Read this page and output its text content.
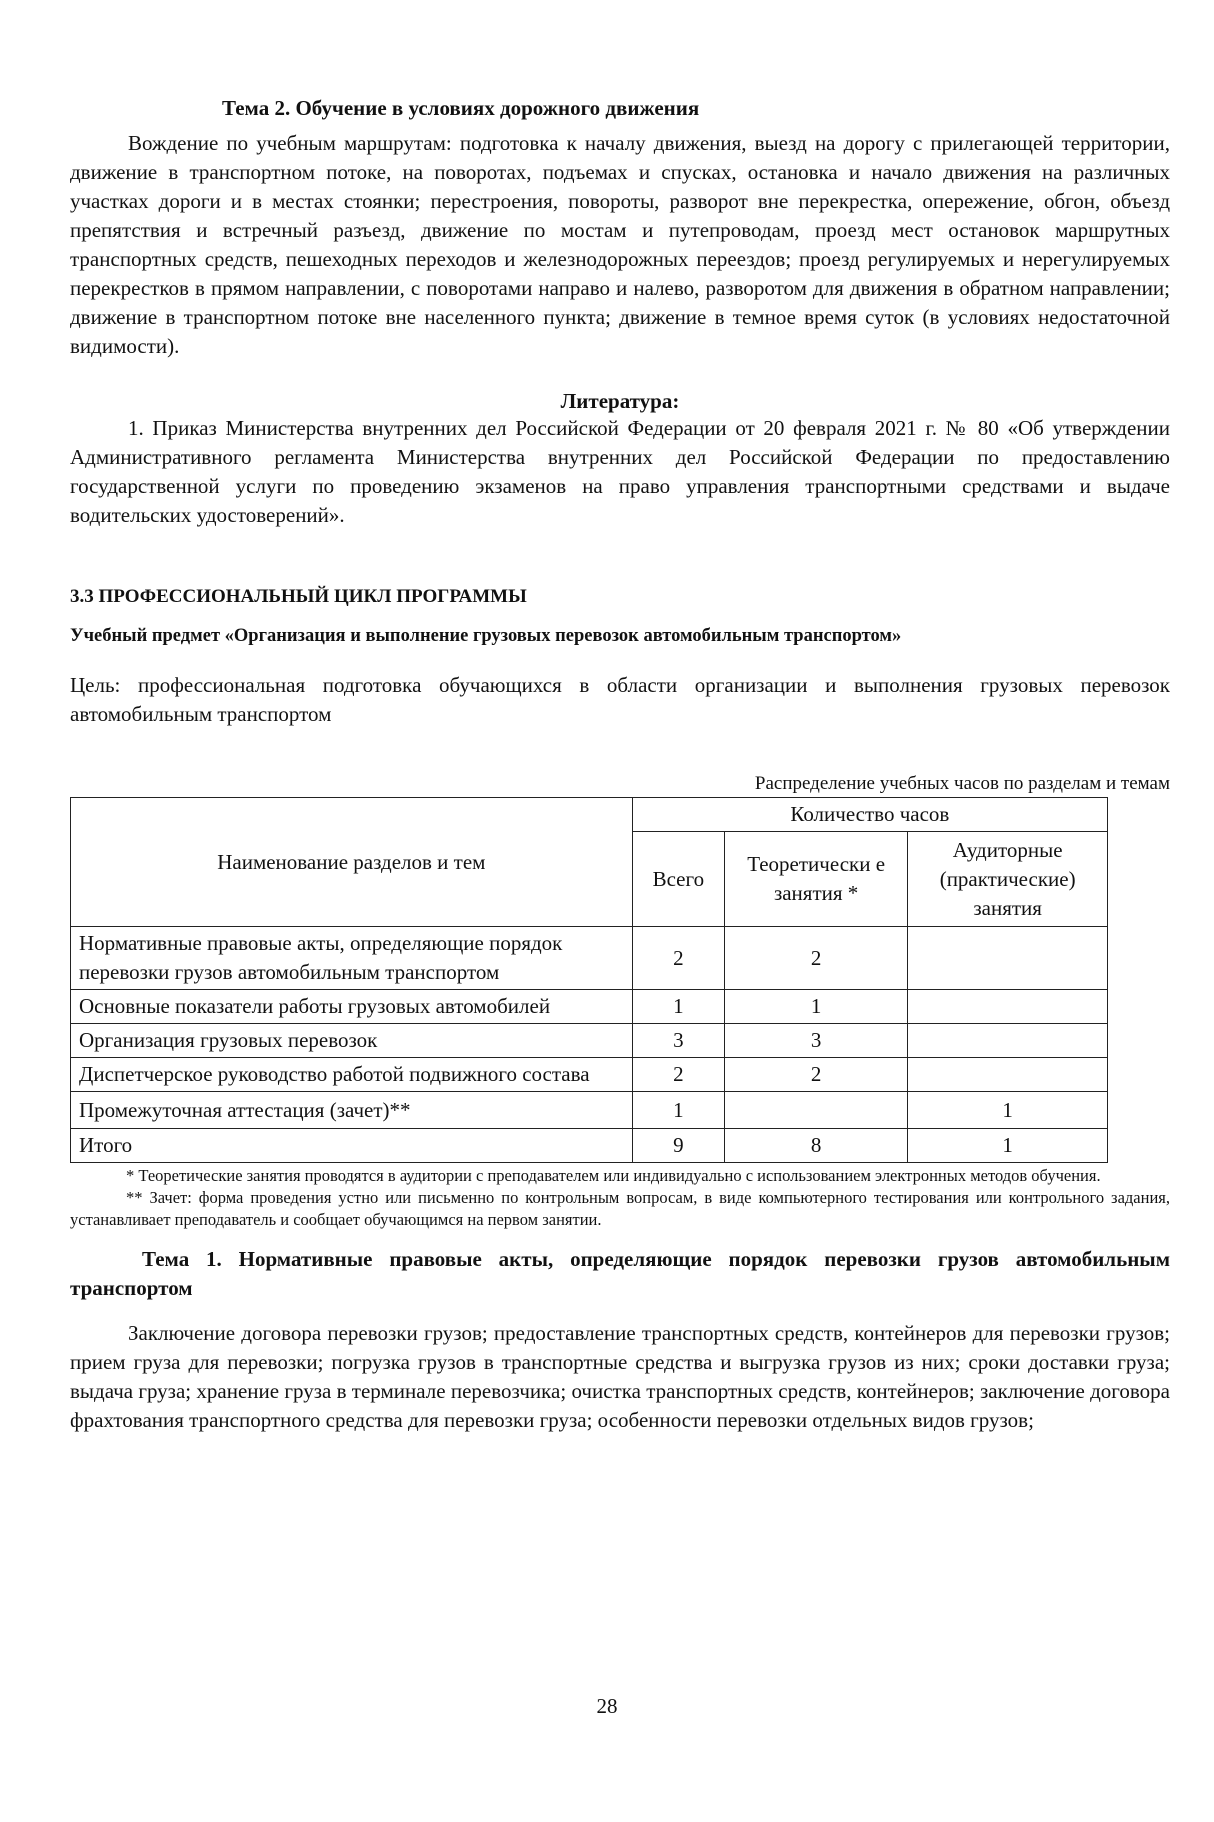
Тема 2. Обучение в условиях дорожного движения

Вождение по учебным маршрутам: подготовка к началу движения, выезд на дорогу с прилегающей территории, движение в транспортном потоке, на поворотах, подъемах и спусках, остановка и начало движения на различных участках дороги и в местах стоянки; перестроения, повороты, разворот вне перекрестка, опережение, обгон, объезд препятствия и встречный разъезд, движение по мостам и путепроводам, проезд мест остановок маршрутных транспортных средств, пешеходных переходов и железнодорожных переездов; проезд регулируемых и нерегулируемых перекрестков в прямом направлении, с поворотами направо и налево, разворотом для движения в обратном направлении; движение в транспортном потоке вне населенного пункта; движение в темное время суток (в условиях недостаточной видимости).

Литература:

1. Приказ Министерства внутренних дел Российской Федерации от 20 февраля 2021 г. № 80 «Об утверждении Административного регламента Министерства внутренних дел Российской Федерации по предоставлению государственной услуги по проведению экзаменов на право управления транспортными средствами и выдаче водительских удостоверений».

3.3 ПРОФЕССИОНАЛЬНЫЙ ЦИКЛ ПРОГРАММЫ

Учебный предмет «Организация и выполнение грузовых перевозок автомобильным транспортом»

Цель: профессиональная подготовка обучающихся в области организации и выполнения грузовых перевозок автомобильным транспортом

Распределение учебных часов по разделам и темам
Наименование разделов и тем	Количество часов		
	Всего	Теоретически е занятия *	Аудиторные (практические) занятия
Нормативные правовые акты, определяющие порядок перевозки грузов автомобильным транспортом	2	2	
Основные показатели работы грузовых автомобилей	1	1	
Организация грузовых перевозок	3	3	
Диспетчерское руководство работой подвижного состава	2	2	
Промежуточная аттестация (зачет)**	1		1
Итого	9	8	1

* Теоретические занятия проводятся в аудитории с преподавателем или индивидуально с использованием электронных методов обучения.

** Зачет: форма проведения устно или письменно по контрольным вопросам, в виде компьютерного тестирования или контрольного задания, устанавливает преподаватель и сообщает обучающимся на первом занятии.

Тема 1. Нормативные правовые акты, определяющие порядок перевозки грузов автомобильным транспортом

Заключение договора перевозки грузов; предоставление транспортных средств, контейнеров для перевозки грузов; прием груза для перевозки; погрузка грузов в транспортные средства и выгрузка грузов из них; сроки доставки груза; выдача груза; хранение груза в терминале перевозчика; очистка транспортных средств, контейнеров; заключение договора фрахтования транспортного средства для перевозки груза; особенности перевозки отдельных видов грузов;

28
